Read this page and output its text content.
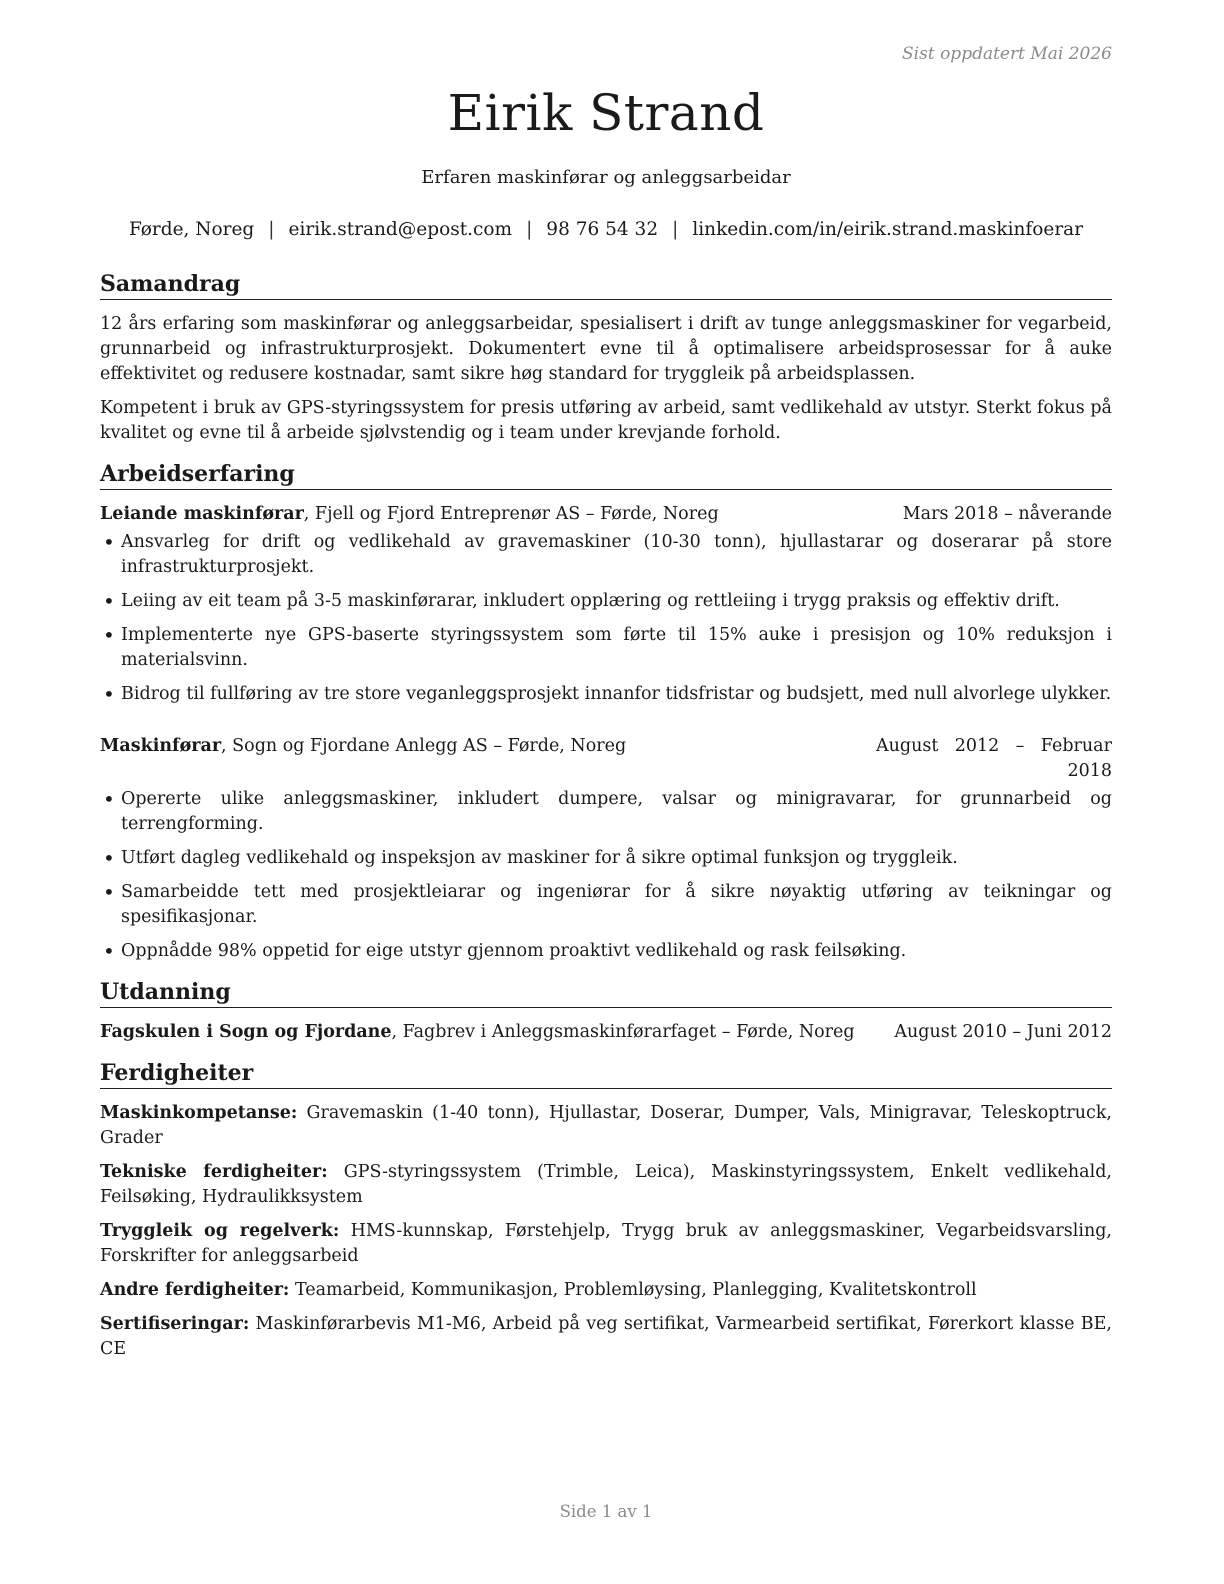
Sist oppdatert Mai 2026
Eirik Strand
Erfaren maskinførar og anleggsarbeidar
Førde, Noreg | eirik.strand@epost.com | 98 76 54 32 | linkedin.com/in/eirik.strand.maskinfoerar
Samandrag

12 års erfaring som maskinførar og anleggsarbeidar, spesialisert i drift av tunge anleggsmaskiner for vegarbeid, grunnarbeid og infrastrukturprosjekt. Dokumentert evne til å optimalisere arbeidsprosessar for å auke effektivitet og redusere kostnadar, samt sikre høg standard for tryggleik på arbeidsplassen.

Kompetent i bruk av GPS-styringssystem for presis utføring av arbeid, samt vedlikehald av utstyr. Sterkt fokus på kvalitet og evne til å arbeide sjølvstendig og i team under krevjande forhold.

Arbeidserfaring
Leiande maskinførar, Fjell og Fjord Entreprenør AS – Førde, Noreg	Mars 2018 – nåverande
• Ansvarleg for drift og vedlikehald av gravemaskiner (10-30 tonn), hjullastarar og doserarar på store infrastrukturprosjekt.
• Leiing av eit team på 3-5 maskinførarar, inkludert opplæring og rettleiing i trygg praksis og effektiv drift.
• Implementerte nye GPS-baserte styringssystem som førte til 15% auke i presisjon og 10% reduksjon i materialsvinn.
• Bidrog til fullføring av tre store veganleggsprosjekt innanfor tidsfristar og budsjett, med null alvorlege ulykker.
Maskinførar, Sogn og Fjordane Anlegg AS – Førde, Noreg	August 2012 – Februar 2018
• Opererte ulike anleggsmaskiner, inkludert dumpere, valsar og minigravarar, for grunnarbeid og terrengforming.
• Utført dagleg vedlikehald og inspeksjon av maskiner for å sikre optimal funksjon og tryggleik.
• Samarbeidde tett med prosjektleiarar og ingeniørar for å sikre nøyaktig utføring av teikningar og spesifikasjonar.
• Oppnådde 98% oppetid for eige utstyr gjennom proaktivt vedlikehald og rask feilsøking.
Utdanning
Fagskulen i Sogn og Fjordane, Fagbrev i Anleggsmaskinførarfaget – Førde, Noreg August 2010 – Juni 2012
Ferdigheiter

Maskinkompetanse: Gravemaskin (1-40 tonn), Hjullastar, Doserar, Dumper, Vals, Minigravar, Teleskoptruck, Grader

Tekniske ferdigheiter: GPS-styringssystem (Trimble, Leica), Maskinstyringssystem, Enkelt vedlikehald, Feilsøking, Hydraulikksystem

Tryggleik og regelverk: HMS-kunnskap, Førstehjelp, Trygg bruk av anleggsmaskiner, Vegarbeidsvarsling, Forskrifter for anleggsarbeid

Andre ferdigheiter: Teamarbeid, Kommunikasjon, Problemløysing, Planlegging, Kvalitetskontroll

Sertifiseringar: Maskinførarbevis M1-M6, Arbeid på veg sertifikat, Varmearbeid sertifikat, Førerkort klasse BE, CE

Side 1 av 1
